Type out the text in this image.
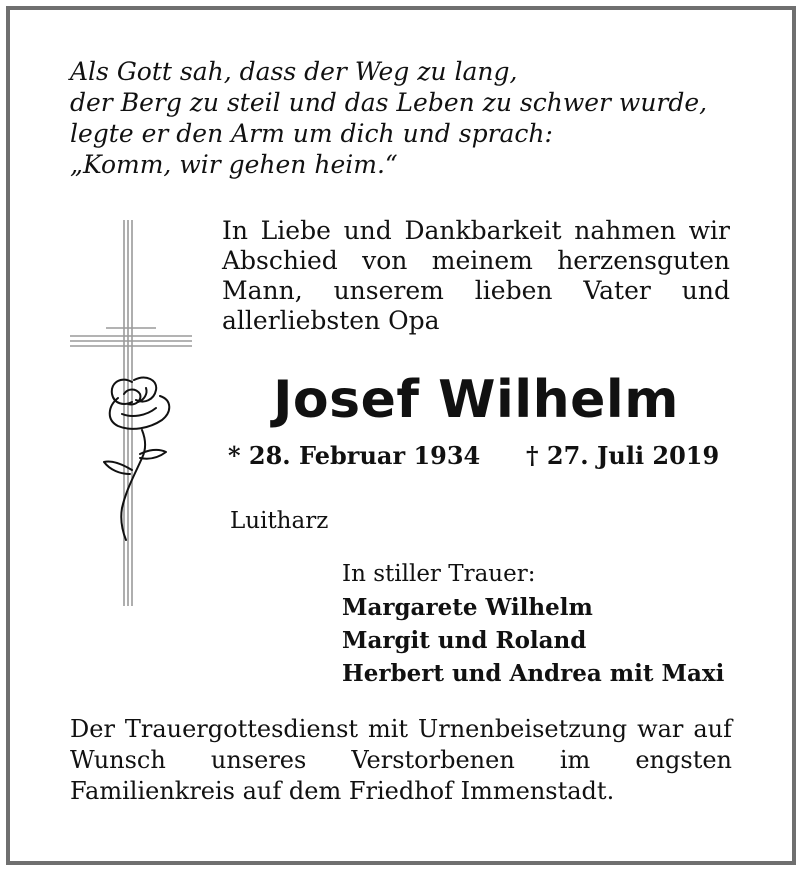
Als Gott sah, dass der Weg zu lang,
der Berg zu steil und das Leben zu schwer wurde,
legte er den Arm um dich und sprach:
„Komm, wir gehen heim.“

In Liebe und Dankbarkeit nahmen wir Abschied von meinem herzensguten Mann, unserem lieben Vater und allerliebsten Opa

Josef Wilhelm
* 28. Februar 1934 † 27. Juli 2019
Luitharz
In stiller Trauer:
Margarete Wilhelm
Margit und Roland
Herbert und Andrea mit Maxi

Der Trauergottesdienst mit Urnenbeisetzung war auf Wunsch unseres Verstorbenen im engsten Familienkreis auf dem Friedhof Immenstadt.
